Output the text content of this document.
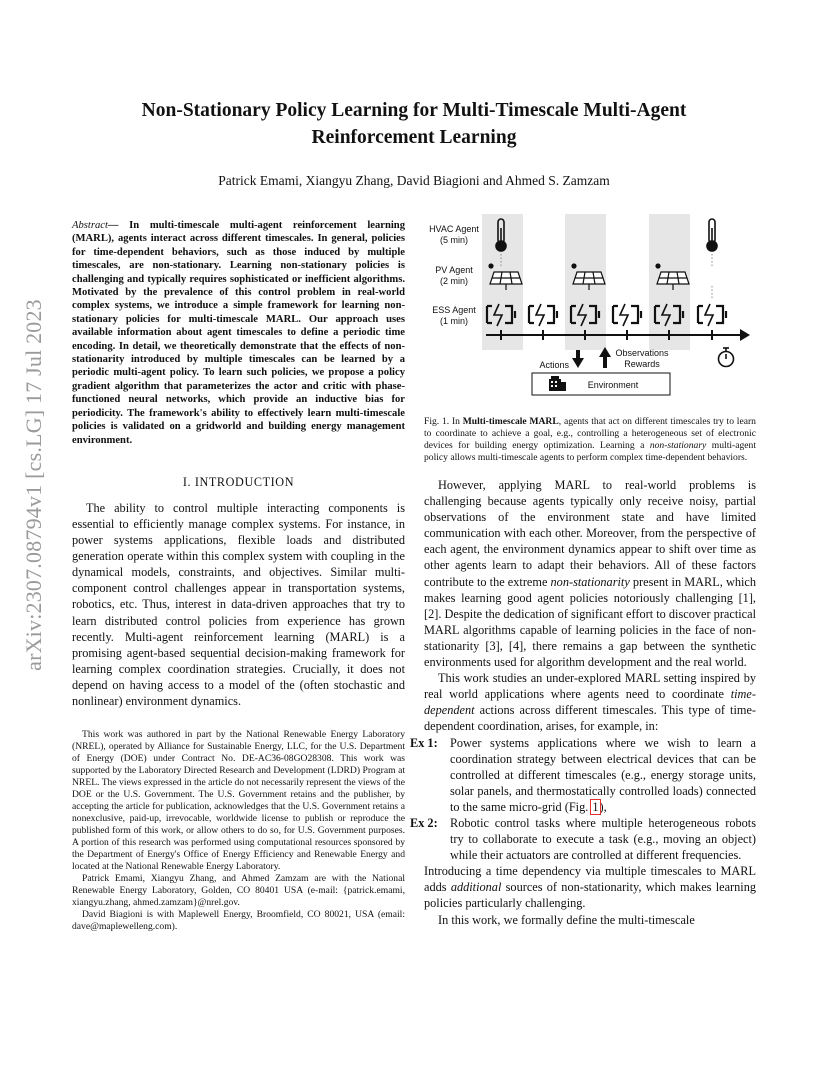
arXiv:2307.08794v1 [cs.LG] 17 Jul 2023
Non-Stationary Policy Learning for Multi-Timescale Multi-Agent
Reinforcement Learning
Patrick Emami, Xiangyu Zhang, David Biagioni and Ahmed S. Zamzam
Abstract— In multi-timescale multi-agent reinforcement learning (MARL), agents interact across different timescales. In general, policies for time-dependent behaviors, such as those induced by multiple timescales, are non-stationary. Learning non-stationary policies is challenging and typically requires sophisticated or inefficient algorithms. Motivated by the prevalence of this control problem in real-world complex systems, we introduce a simple framework for learning non-stationary policies for multi-timescale MARL. Our approach uses available information about agent timescales to define a periodic time encoding. In detail, we theoretically demonstrate that the effects of non-stationarity introduced by multiple timescales can be learned by a periodic multi-agent policy. To learn such policies, we propose a policy gradient algorithm that parameterizes the actor and critic with phase-functioned neural networks, which provide an inductive bias for periodicity. The framework's ability to effectively learn multi-timescale policies is validated on a gridworld and building energy management environment.
I. INTRODUCTION

The ability to control multiple interacting components is essential to efficiently manage complex systems. For instance, in power systems applications, flexible loads and distributed generation operate within this complex system with coupling in the dynamical models, constraints, and objectives. Similar multi-component control challenges appear in transportation systems, robotics, etc. Thus, interest in data-driven approaches that try to learn distributed control policies from experience has grown recently. Multi-agent reinforcement learning (MARL) is a promising agent-based sequential decision-making framework for learning complex coordination strategies. Crucially, it does not depend on having access to a model of the (often stochastic and nonlinear) environment dynamics.

This work was authored in part by the National Renewable Energy Laboratory (NREL), operated by Alliance for Sustainable Energy, LLC, for the U.S. Department of Energy (DOE) under Contract No. DE-AC36-08GO28308. This work was supported by the Laboratory Directed Research and Development (LDRD) Program at NREL. The views expressed in the article do not necessarily represent the views of the DOE or the U.S. Government. The U.S. Government retains and the publisher, by accepting the article for publication, acknowledges that the U.S. Government retains a nonexclusive, paid-up, irrevocable, worldwide license to publish or reproduce the published form of this work, or allow others to do so, for U.S. Government purposes. A portion of this research was performed using computational resources sponsored by the Department of Energy's Office of Energy Efficiency and Renewable Energy and located at the National Renewable Energy Laboratory.

Patrick Emami, Xiangyu Zhang, and Ahmed Zamzam are with the National Renewable Energy Laboratory, Golden, CO 80401 USA (e-mail: {patrick.emami, xiangyu.zhang, ahmed.zamzam}@nrel.gov.

David Biagioni is with Maplewell Energy, Broomfield, CO 80021, USA (email: dave@maplewelleng.com).

HVAC Agent
(5 min)
PV Agent
(2 min)
ESS Agent
(1 min)
Actions
Observations
Rewards
Environment
Fig. 1. In Multi-timescale MARL, agents that act on different timescales try to learn to coordinate to achieve a goal, e.g., controlling a heterogeneous set of electronic devices for building energy optimization. Learning a non-stationary multi-agent policy allows multi-timescale agents to perform complex time-dependent behaviors.

However, applying MARL to real-world problems is challenging because agents typically only receive noisy, partial observations of the environment state and have limited communication with each other. Moreover, from the perspective of each agent, the environment dynamics appear to shift over time as other agents learn to adapt their behaviors. All of these factors contribute to the extreme non-stationarity present in MARL, which makes learning good agent policies notoriously challenging [1], [2]. Despite the dedication of significant effort to discover practical MARL algorithms capable of learning policies in the face of non-stationarity [3], [4], there remains a gap between the synthetic environments used for algorithm development and the real world.

This work studies an under-explored MARL setting inspired by real world applications where agents need to coordinate time-dependent actions across different timescales. This type of time-dependent coordination, arises, for example, in:

Ex 1:	Power systems applications where we wish to learn a coordination strategy between electrical devices that can be controlled at different timescales (e.g., energy storage units, solar panels, and thermostatically controlled loads) connected to the same micro-grid (Fig. 1),
Ex 2:	Robotic control tasks where multiple heterogeneous robots try to collaborate to execute a task (e.g., moving an object) while their actuators are controlled at different frequencies.

Introducing a time dependency via multiple timescales to MARL adds additional sources of non-stationarity, which makes learning policies particularly challenging.

In this work, we formally define the multi-timescale
